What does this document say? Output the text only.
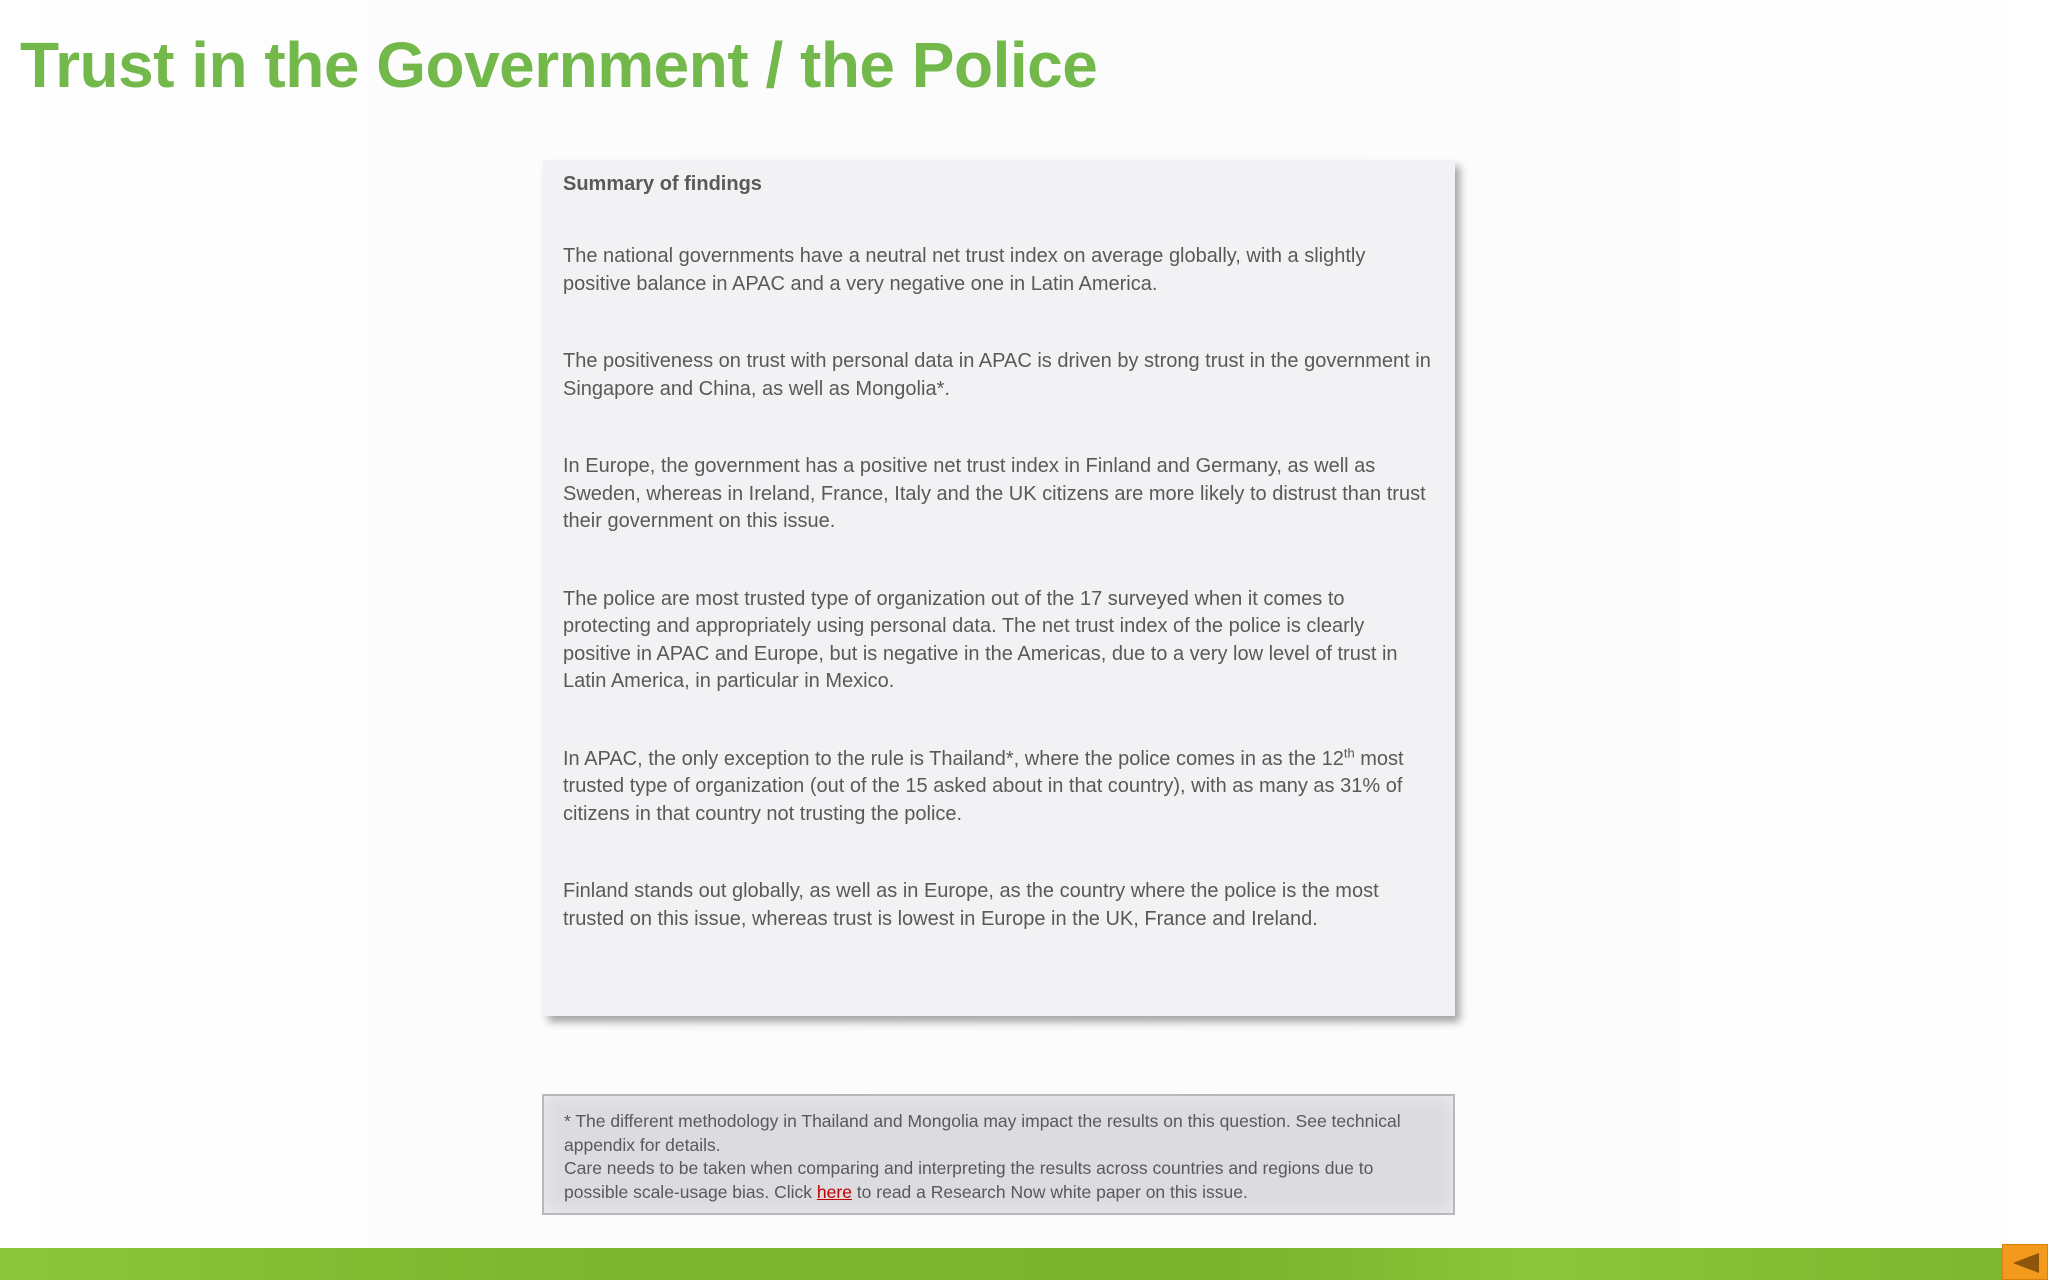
Trust in the Government / the Police

Summary of findings

The national governments have a neutral net trust index on average globally, with a slightly positive balance in APAC and a very negative one in Latin America.

The positiveness on trust with personal data in APAC is driven by strong trust in the government in Singapore and China, as well as Mongolia*.

In Europe, the government has a positive net trust index in Finland and Germany, as well as Sweden, whereas in Ireland, France, Italy and the UK citizens are more likely to distrust than trust their government on this issue.

The police are most trusted type of organization out of the 17 surveyed when it comes to protecting and appropriately using personal data. The net trust index of the police is clearly positive in APAC and Europe, but is negative in the Americas, due to a very low level of trust in Latin America, in particular in Mexico.

In APAC, the only exception to the rule is Thailand*, where the police comes in as the 12th most trusted type of organization (out of the 15 asked about in that country), with as many as 31% of citizens in that country not trusting the police.

Finland stands out globally, as well as in Europe, as the country where the police is the most trusted on this issue, whereas trust is lowest in Europe in the UK, France and Ireland.

* The different methodology in Thailand and Mongolia may impact the results on this question. See technical appendix for details.

Care needs to be taken when comparing and interpreting the results across countries and regions due to possible scale-usage bias. Click here to read a Research Now white paper on this issue.
